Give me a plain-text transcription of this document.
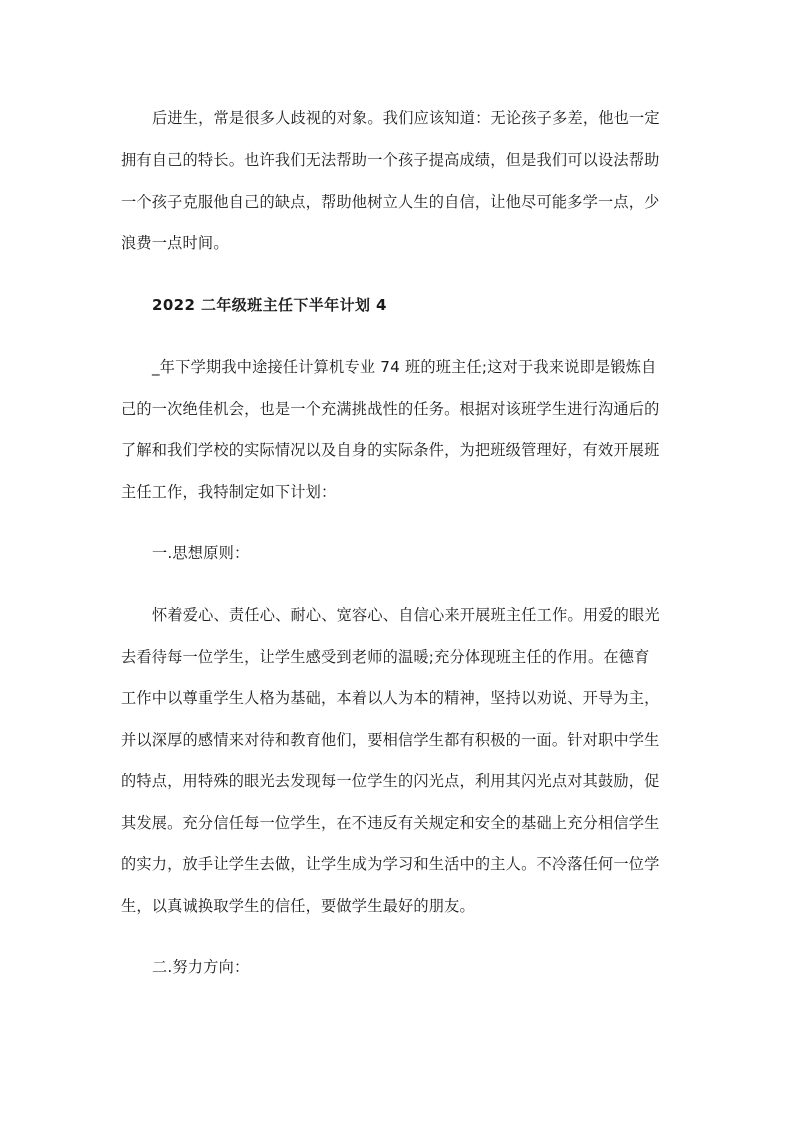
后进生，常是很多人歧视的对象。我们应该知道：无论孩子多差，他也一定
拥有自己的特长。也许我们无法帮助一个孩子提高成绩，但是我们可以设法帮助
一个孩子克服他自己的缺点，帮助他树立人生的自信，让他尽可能多学一点，少
浪费一点时间。
2022 二年级班主任下半年计划 4
_年下学期我中途接任计算机专业 74 班的班主任;这对于我来说即是锻炼自
己的一次绝佳机会，也是一个充满挑战性的任务。根据对该班学生进行沟通后的
了解和我们学校的实际情况以及自身的实际条件，为把班级管理好，有效开展班
主任工作，我特制定如下计划：
一.思想原则：
怀着爱心、责任心、耐心、宽容心、自信心来开展班主任工作。用爱的眼光
去看待每一位学生，让学生感受到老师的温暖;充分体现班主任的作用。在德育
工作中以尊重学生人格为基础，本着以人为本的精神，坚持以劝说、开导为主，
并以深厚的感情来对待和教育他们，要相信学生都有积极的一面。针对职中学生
的特点，用特殊的眼光去发现每一位学生的闪光点，利用其闪光点对其鼓励，促
其发展。充分信任每一位学生，在不违反有关规定和安全的基础上充分相信学生
的实力，放手让学生去做，让学生成为学习和生活中的主人。不冷落任何一位学
生，以真诚换取学生的信任，要做学生最好的朋友。
二.努力方向：
